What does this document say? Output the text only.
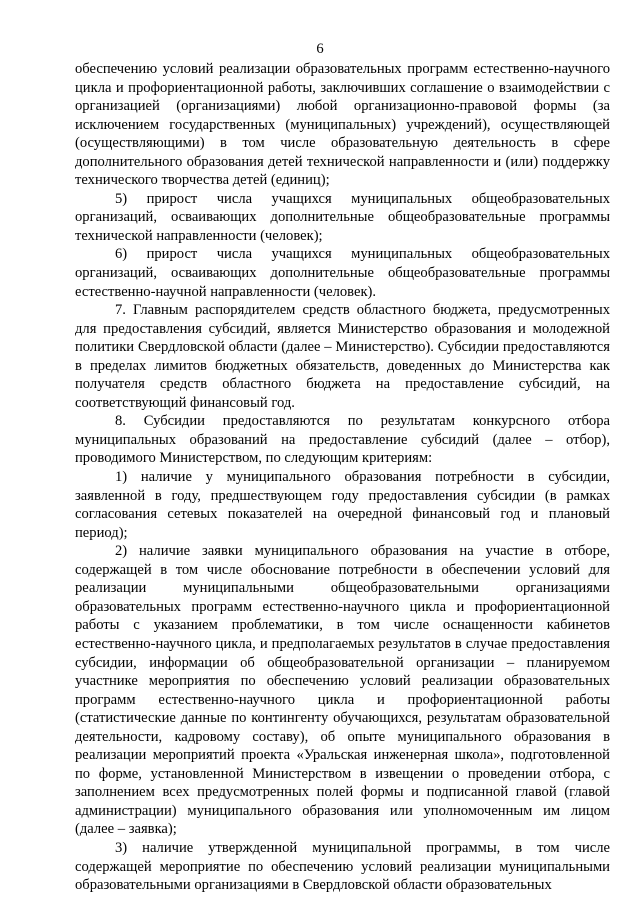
6

обеспечению условий реализации образовательных программ естественно-научного цикла и профориентационной работы, заключивших соглашение о взаимодействии с организацией (организациями) любой организационно-правовой формы (за исключением государственных (муниципальных) учреждений), осуществляющей (осуществляющими) в том числе образовательную деятельность в сфере дополнительного образования детей технической направленности и (или) поддержку технического творчества детей (единиц);

5) прирост числа учащихся муниципальных общеобразовательных организаций, осваивающих дополнительные общеобразовательные программы технической направленности (человек);

6) прирост числа учащихся муниципальных общеобразовательных организаций, осваивающих дополнительные общеобразовательные программы естественно-научной направленности (человек).

7. Главным распорядителем средств областного бюджета, предусмотренных для предоставления субсидий, является Министерство образования и молодежной политики Свердловской области (далее – Министерство). Субсидии предоставляются в пределах лимитов бюджетных обязательств, доведенных до Министерства как получателя средств областного бюджета на предоставление субсидий, на соответствующий финансовый год.

8. Субсидии предоставляются по результатам конкурсного отбора муниципальных образований на предоставление субсидий (далее – отбор), проводимого Министерством, по следующим критериям:

1) наличие у муниципального образования потребности в субсидии, заявленной в году, предшествующем году предоставления субсидии (в рамках согласования сетевых показателей на очередной финансовый год и плановый период);

2) наличие заявки муниципального образования на участие в отборе, содержащей в том числе обоснование потребности в обеспечении условий для реализации муниципальными общеобразовательными организациями образовательных программ естественно-научного цикла и профориентационной работы с указанием проблематики, в том числе оснащенности кабинетов естественно-научного цикла, и предполагаемых результатов в случае предоставления субсидии, информации об общеобразовательной организации – планируемом участнике мероприятия по обеспечению условий реализации образовательных программ естественно-научного цикла и профориентационной работы (статистические данные по контингенту обучающихся, результатам образовательной деятельности, кадровому составу), об опыте муниципального образования в реализации мероприятий проекта «Уральская инженерная школа», подготовленной по форме, установленной Министерством в извещении о проведении отбора, с заполнением всех предусмотренных полей формы и подписанной главой (главой администрации) муниципального образования или уполномоченным им лицом (далее – заявка);

3) наличие утвержденной муниципальной программы, в том числе содержащей мероприятие по обеспечению условий реализации муниципальными образовательными организациями в Свердловской области образовательных
